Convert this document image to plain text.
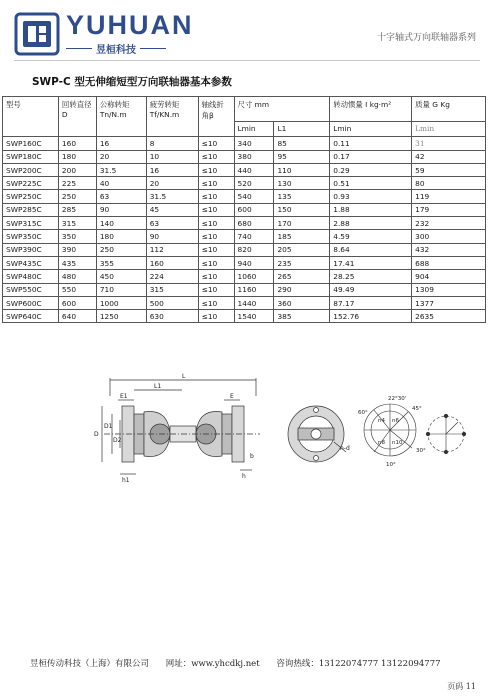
YUHUAN
昱桓科技
十字轴式万向联轴器系列
SWP-C 型无伸缩短型万向联轴器基本参数
型号	回转直径 D	公称转矩 Tn/N.m	疲劳转矩 Tf/KN.m	轴线折角β	尺寸 mm		转动惯量 I kg·m²	质量 G Kg
					Lmin	L1	Lmin	Lmin
SWP160C	160	16	8	≤10	340	85	0.11	31
SWP180C	180	20	10	≤10	380	95	0.17	42
SWP200C	200	31.5	16	≤10	440	110	0.29	59
SWP225C	225	40	20	≤10	520	130	0.51	80
SWP250C	250	63	31.5	≤10	540	135	0.93	119
SWP285C	285	90	45	≤10	600	150	1.88	179
SWP315C	315	140	63	≤10	680	170	2.88	232
SWP350C	350	180	90	≤10	740	185	4.59	300
SWP390C	390	250	112	≤10	820	205	8.64	432
SWP435C	435	355	160	≤10	940	235	17.41	688
SWP480C	480	450	224	≤10	1060	265	28.25	904
SWP550C	550	710	315	≤10	1160	290	49.49	1309
SWP600C	600	1000	500	≤10	1440	360	87.17	1377
SWP640C	640	1250	630	≤10	1540	385	152.76	2635
L
L1
E1	E
D
D1
D2
b
h1
h
n-d
n4 n6
n8 n10
22°30'
45°
60°
30°
10°
昱桓传动科技（上海）有限公司 网址：www.yhcdkj.net 咨询热线：13122074777 13122094777
页码 11
